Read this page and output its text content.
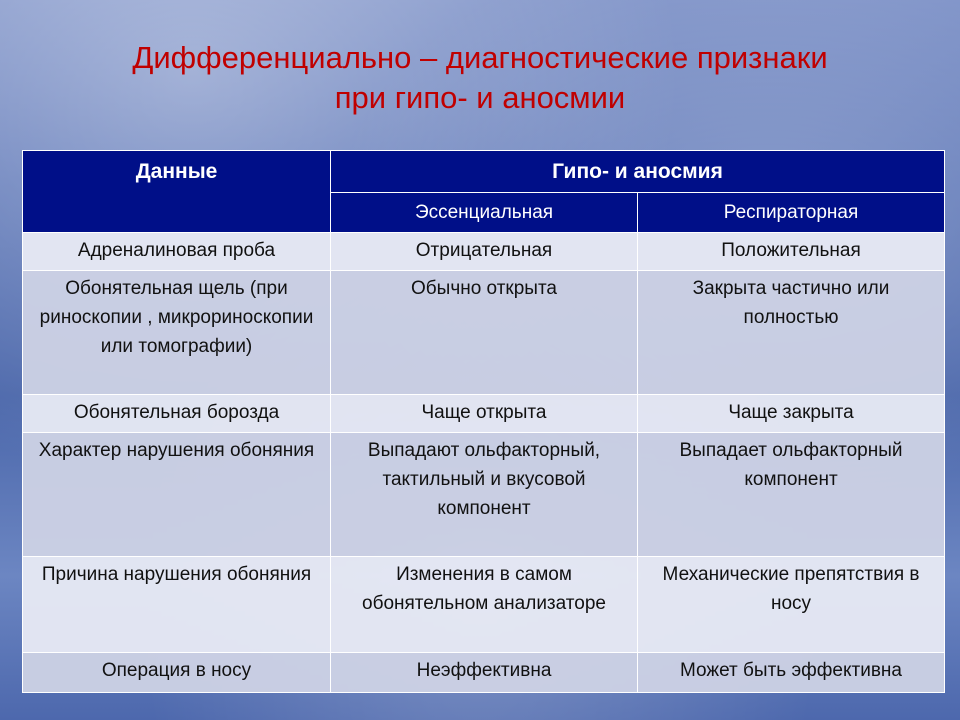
Дифференциально – диагностические признаки
при гипо- и аносмии
Данные	Гипо- и аносмия	
	Эссенциальная	Респираторная
Адреналиновая проба	Отрицательная	Положительная
Обонятельная щель (при риноскопии , микрориноскопии или томографии)	Обычно открыта	Закрыта частично или полностью
Обонятельная борозда	Чаще открыта	Чаще закрыта
Характер нарушения обоняния	Выпадают ольфакторный, тактильный и вкусовой компонент	Выпадает ольфакторный компонент
Причина нарушения обоняния	Изменения в самом обонятельном анализаторе	Механические препятствия в носу
Операция в носу	Неэффективна	Может быть эффективна
